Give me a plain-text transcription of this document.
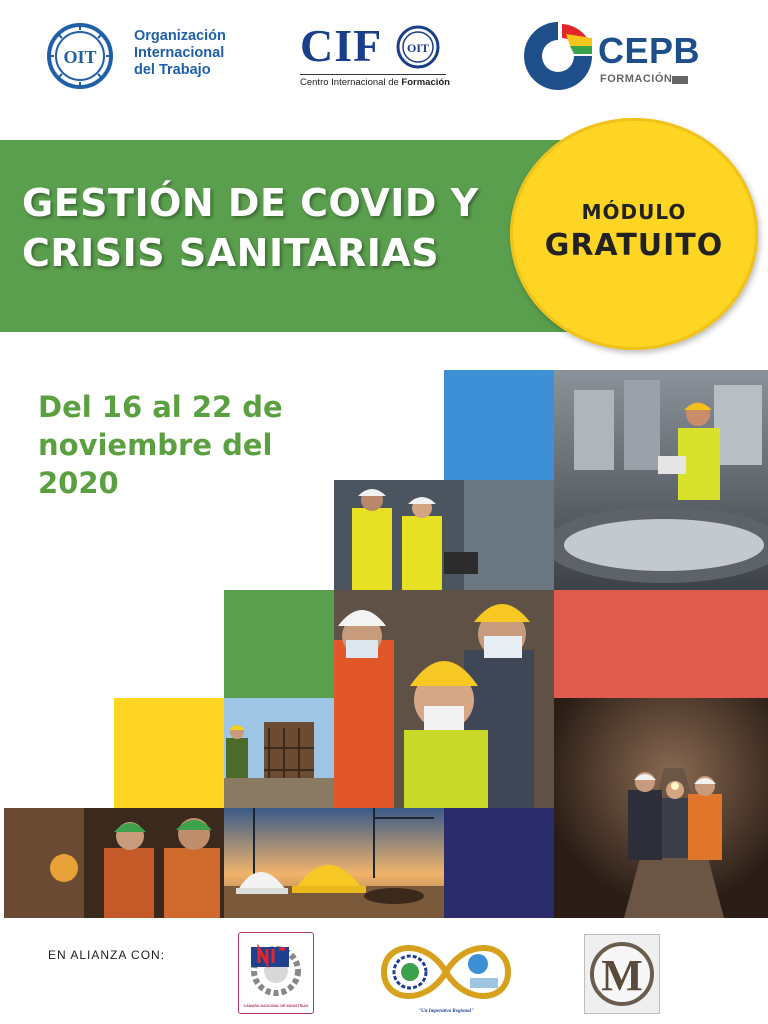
OIT
Organización
Internacional
del Trabajo	CIF OIT
Centro Internacional de Formación
CEPB
FORMACIÓN
GESTIÓN DE COVID Y
CRISIS SANITARIAS
MÓDULO
GRATUITO
Del 16 al 22 de
noviembre del 2020
EN ALIANZA CON:
CÁMARA NACIONAL DE INDUSTRIAS
"Un Imperativo Regional"
M
